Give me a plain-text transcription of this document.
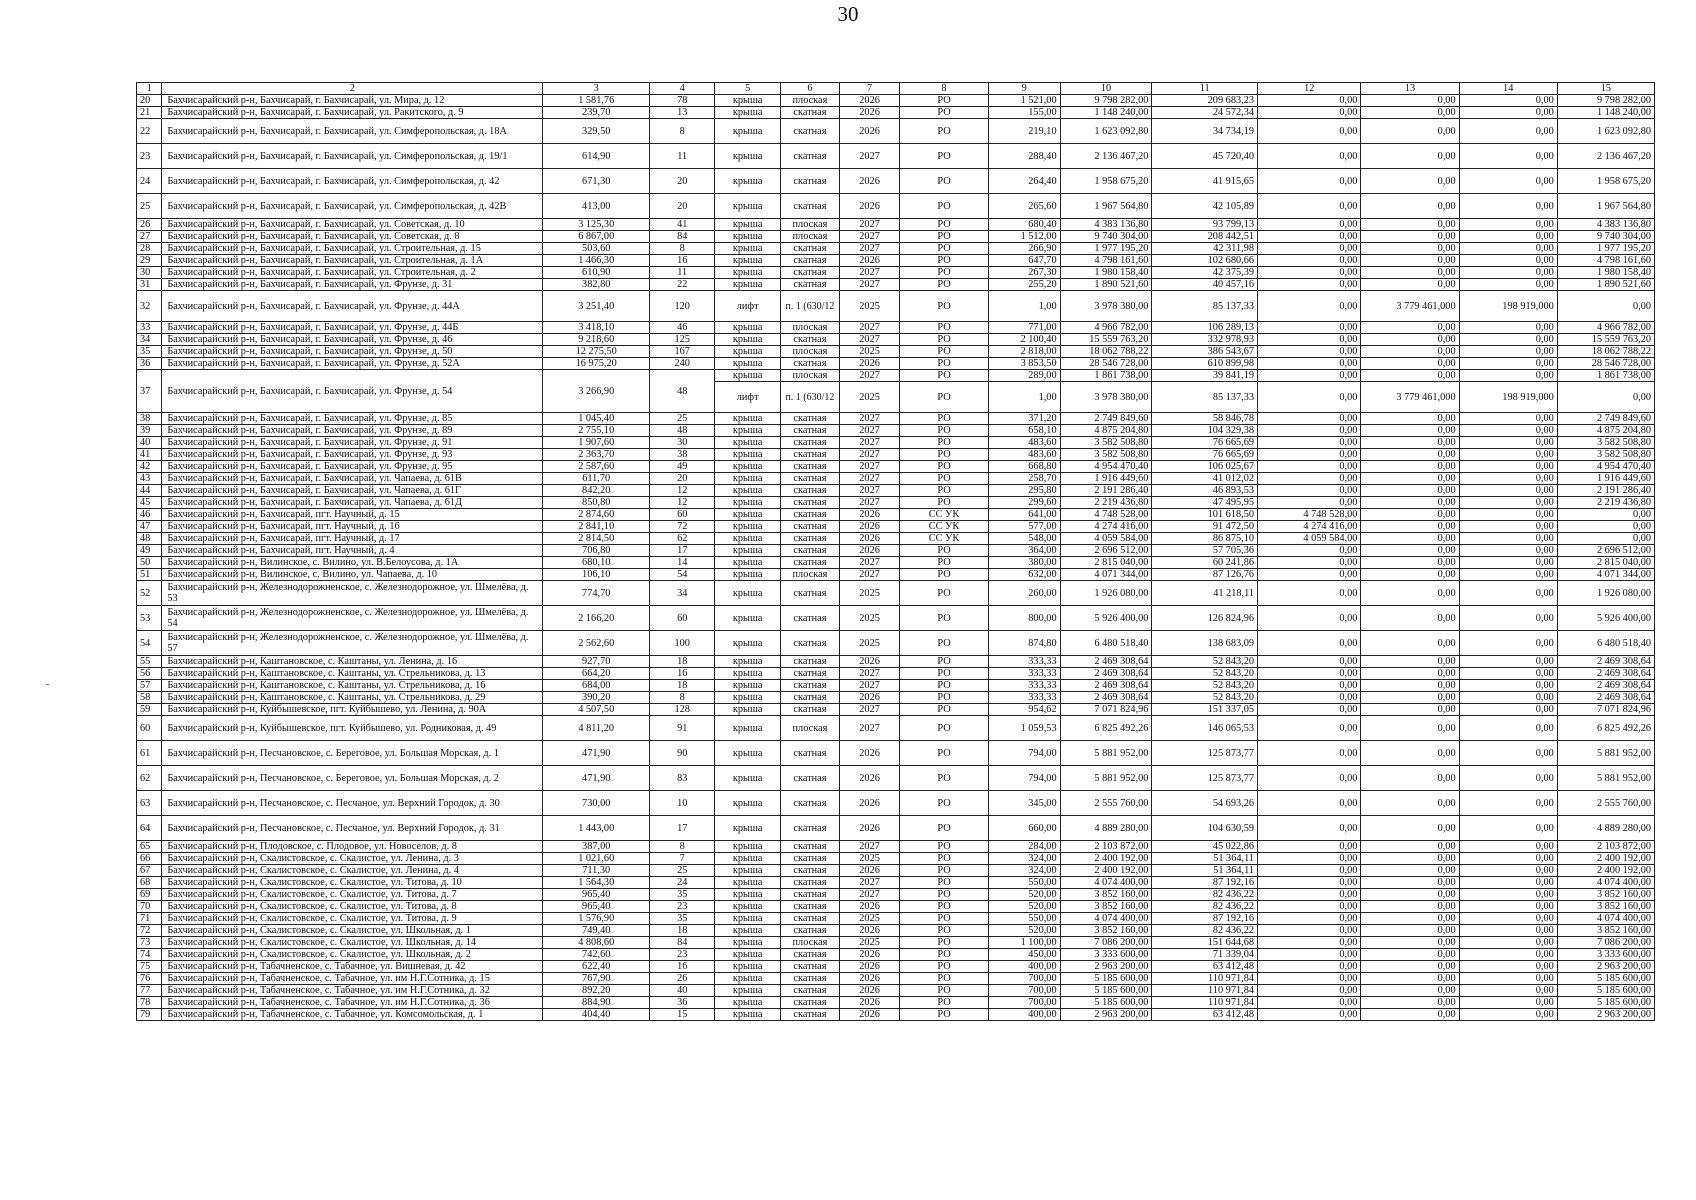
30
1	2	3	4	5	6	7	8	9	10	11	12	13	14	15
20	Бахчисарайский р-н, Бахчисарай, г. Бахчисарай, ул. Мира, д. 12	1 581,76	78	крыша	плоская	2026	РО	1 521,00	9 798 282,00	209 683,23	0,00	0,00	0,00	9 798 282,00
21	Бахчисарайский р-н, Бахчисарай, г. Бахчисарай, ул. Ракитского, д. 9	239,70	13	крыша	скатная	2026	РО	155,00	1 148 240,00	24 572,34	0,00	0,00	0,00	1 148 240,00
22	Бахчисарайский р-н, Бахчисарай, г. Бахчисарай, ул. Симферопольская, д. 18А	329,50	8	крыша	скатная	2026	РО	219,10	1 623 092,80	34 734,19	0,00	0,00	0,00	1 623 092,80
23	Бахчисарайский р-н, Бахчисарай, г. Бахчисарай, ул. Симферопольская, д. 19/1	614,90	11	крыша	скатная	2027	РО	288,40	2 136 467,20	45 720,40	0,00	0,00	0,00	2 136 467,20
24	Бахчисарайский р-н, Бахчисарай, г. Бахчисарай, ул. Симферопольская, д. 42	671,30	20	крыша	скатная	2026	РО	264,40	1 958 675,20	41 915,65	0,00	0,00	0,00	1 958 675,20
25	Бахчисарайский р-н, Бахчисарай, г. Бахчисарай, ул. Симферопольская, д. 42В	413,00	20	крыша	скатная	2026	РО	265,60	1 967 564,80	42 105,89	0,00	0,00	0,00	1 967 564,80
26	Бахчисарайский р-н, Бахчисарай, г. Бахчисарай, ул. Советская, д. 10	3 125,30	41	крыша	плоская	2027	РО	680,40	4 383 136,80	93 799,13	0,00	0,00	0,00	4 383 136,80
27	Бахчисарайский р-н, Бахчисарай, г. Бахчисарай, ул. Советская, д. 8	6 867,00	84	крыша	плоская	2027	РО	1 512,00	9 740 304,00	208 442,51	0,00	0,00	0,00	9 740 304,00
28	Бахчисарайский р-н, Бахчисарай, г. Бахчисарай, ул. Строительная, д. 15	503,60	8	крыша	скатная	2027	РО	266,90	1 977 195,20	42 311,98	0,00	0,00	0,00	1 977 195,20
29	Бахчисарайский р-н, Бахчисарай, г. Бахчисарай, ул. Строительная, д. 1А	1 466,30	16	крыша	скатная	2026	РО	647,70	4 798 161,60	102 680,66	0,00	0,00	0,00	4 798 161,60
30	Бахчисарайский р-н, Бахчисарай, г. Бахчисарай, ул. Строительная, д. 2	610,90	11	крыша	скатная	2027	РО	267,30	1 980 158,40	42 375,39	0,00	0,00	0,00	1 980 158,40
31	Бахчисарайский р-н, Бахчисарай, г. Бахчисарай, ул. Фрунзе, д. 31	382,80	22	крыша	скатная	2027	РО	255,20	1 890 521,60	40 457,16	0,00	0,00	0,00	1 890 521,60
32	Бахчисарайский р-н, Бахчисарай, г. Бахчисарай, ул. Фрунзе, д. 44А	3 251,40	120	лифт	п. 1 (630/12	2025	РО	1,00	3 978 380,00	85 137,33	0,00	3 779 461,000	198 919,000	0,00
33	Бахчисарайский р-н, Бахчисарай, г. Бахчисарай, ул. Фрунзе, д. 44Б	3 418,10	46	крыша	плоская	2027	РО	771,00	4 966 782,00	106 289,13	0,00	0,00	0,00	4 966 782,00
34	Бахчисарайский р-н, Бахчисарай, г. Бахчисарай, ул. Фрунзе, д. 46	9 218,60	125	крыша	скатная	2027	РО	2 100,40	15 559 763,20	332 978,93	0,00	0,00	0,00	15 559 763,20
35	Бахчисарайский р-н, Бахчисарай, г. Бахчисарай, ул. Фрунзе, д. 50	12 275,50	167	крыша	плоская	2025	РО	2 818,00	18 062 788,22	386 543,67	0,00	0,00	0,00	18 062 788,22
36	Бахчисарайский р-н, Бахчисарай, г. Бахчисарай, ул. Фрунзе, д. 52А	16 975,20	240	крыша	скатная	2026	РО	3 853,50	28 546 728,00	610 899,98	0,00	0,00	0,00	28 546 728,00
37	Бахчисарайский р-н, Бахчисарай, г. Бахчисарай, ул. Фрунзе, д. 54	3 266,90	48	крыша	плоская	2027	РО	289,00	1 861 738,00	39 841,19	0,00	0,00	0,00	1 861 738,00
				лифт	п. 1 (630/12	2025	РО	1,00	3 978 380,00	85 137,33	0,00	3 779 461,000	198 919,000	0,00
38	Бахчисарайский р-н, Бахчисарай, г. Бахчисарай, ул. Фрунзе, д. 85	1 045,40	25	крыша	скатная	2027	РО	371,20	2 749 849,60	58 846,78	0,00	0,00	0,00	2 749 849,60
39	Бахчисарайский р-н, Бахчисарай, г. Бахчисарай, ул. Фрунзе, д. 89	2 755,10	48	крыша	скатная	2027	РО	658,10	4 875 204,80	104 329,38	0,00	0,00	0,00	4 875 204,80
40	Бахчисарайский р-н, Бахчисарай, г. Бахчисарай, ул. Фрунзе, д. 91	1 907,60	30	крыша	скатная	2027	РО	483,60	3 582 508,80	76 665,69	0,00	0,00	0,00	3 582 508,80
41	Бахчисарайский р-н, Бахчисарай, г. Бахчисарай, ул. Фрунзе, д. 93	2 363,70	38	крыша	скатная	2027	РО	483,60	3 582 508,80	76 665,69	0,00	0,00	0,00	3 582 508,80
42	Бахчисарайский р-н, Бахчисарай, г. Бахчисарай, ул. Фрунзе, д. 95	2 587,60	49	крыша	скатная	2027	РО	668,80	4 954 470,40	106 025,67	0,00	0,00	0,00	4 954 470,40
43	Бахчисарайский р-н, Бахчисарай, г. Бахчисарай, ул. Чапаева, д. 61В	611,70	20	крыша	скатная	2027	РО	258,70	1 916 449,60	41 012,02	0,00	0,00	0,00	1 916 449,60
44	Бахчисарайский р-н, Бахчисарай, г. Бахчисарай, ул. Чапаева, д. 61Г	842,20	12	крыша	скатная	2027	РО	295,80	2 191 286,40	46 893,53	0,00	0,00	0,00	2 191 286,40
45	Бахчисарайский р-н, Бахчисарай, г. Бахчисарай, ул. Чапаева, д. 61Д	850,80	12	крыша	скатная	2027	РО	299,60	2 219 436,80	47 495,95	0,00	0,00	0,00	2 219 436,80
46	Бахчисарайский р-н, Бахчисарай, пгт. Научный, д. 15	2 874,60	60	крыша	скатная	2026	СС УК	641,00	4 748 528,00	101 618,50	4 748 528,00	0,00	0,00	0,00
47	Бахчисарайский р-н, Бахчисарай, пгт. Научный, д. 16	2 841,10	72	крыша	скатная	2026	СС УК	577,00	4 274 416,00	91 472,50	4 274 416,00	0,00	0,00	0,00
48	Бахчисарайский р-н, Бахчисарай, пгт. Научный, д. 17	2 814,50	62	крыша	скатная	2026	СС УК	548,00	4 059 584,00	86 875,10	4 059 584,00	0,00	0,00	0,00
49	Бахчисарайский р-н, Бахчисарай, пгт. Научный, д. 4	706,80	17	крыша	скатная	2026	РО	364,00	2 696 512,00	57 705,36	0,00	0,00	0,00	2 696 512,00
50	Бахчисарайский р-н, Вилинское, с. Вилино, ул. В.Белоусова, д. 1А	680,10	14	крыша	скатная	2027	РО	380,00	2 815 040,00	60 241,86	0,00	0,00	0,00	2 815 040,00
51	Бахчисарайский р-н, Вилинское, с. Вилино, ул. Чапаева, д. 10	106,10	54	крыша	плоская	2027	РО	632,00	4 071 344,00	87 126,76	0,00	0,00	0,00	4 071 344,00
52	Бахчисарайский р-н, Железнодорожненское, с. Железнодорожное, ул. Шмелёва, д. 53	774,70	34	крыша	скатная	2025	РО	260,00	1 926 080,00	41 218,11	0,00	0,00	0,00	1 926 080,00
53	Бахчисарайский р-н, Железнодорожненское, с. Железнодорожное, ул. Шмелёва, д. 54	2 166,20	60	крыша	скатная	2025	РО	800,00	5 926 400,00	126 824,96	0,00	0,00	0,00	5 926 400,00
54	Бахчисарайский р-н, Железнодорожненское, с. Железнодорожное, ул. Шмелёва, д. 57	2 562,60	100	крыша	скатная	2025	РО	874,80	6 480 518,40	138 683,09	0,00	0,00	0,00	6 480 518,40
55	Бахчисарайский р-н, Каштановское, с. Каштаны, ул. Ленина, д. 16	927,70	18	крыша	скатная	2026	РО	333,33	2 469 308,64	52 843,20	0,00	0,00	0,00	2 469 308,64
56	Бахчисарайский р-н, Каштановское, с. Каштаны, ул. Стрельникова, д. 13	664,20	16	крыша	скатная	2027	РО	333,33	2 469 308,64	52 843,20	0,00	0,00	0,00	2 469 308,64
57	Бахчисарайский р-н, Каштановское, с. Каштаны, ул. Стрельникова, д. 16	684,00	18	крыша	скатная	2027	РО	333,33	2 469 308,64	52 843,20	0,00	0,00	0,00	2 469 308,64
58	Бахчисарайский р-н, Каштановское, с. Каштаны, ул. Стрельникова, д. 29	390,20	8	крыша	скатная	2026	РО	333,33	2 469 308,64	52 843,20	0,00	0,00	0,00	2 469 308,64
59	Бахчисарайский р-н, Куйбышевское, пгт. Куйбышево, ул. Ленина, д. 90А	4 507,50	128	крыша	скатная	2027	РО	954,62	7 071 824,96	151 337,05	0,00	0,00	0,00	7 071 824,96
60	Бахчисарайский р-н, Куйбышевское, пгт. Куйбышево, ул. Родниковая, д. 49	4 811,20	91	крыша	плоская	2027	РО	1 059,53	6 825 492,26	146 065,53	0,00	0,00	0,00	6 825 492,26
61	Бахчисарайский р-н, Песчановское, с. Береговое, ул. Большая Морская, д. 1	471,90	90	крыша	скатная	2026	РО	794,00	5 881 952,00	125 873,77	0,00	0,00	0,00	5 881 952,00
62	Бахчисарайский р-н, Песчановское, с. Береговое, ул. Большая Морская, д. 2	471,90	83	крыша	скатная	2026	РО	794,00	5 881 952,00	125 873,77	0,00	0,00	0,00	5 881 952,00
63	Бахчисарайский р-н, Песчановское, с. Песчаное, ул. Верхний Городок, д. 30	730,00	10	крыша	скатная	2026	РО	345,00	2 555 760,00	54 693,26	0,00	0,00	0,00	2 555 760,00
64	Бахчисарайский р-н, Песчановское, с. Песчаное, ул. Верхний Городок, д. 31	1 443,00	17	крыша	скатная	2026	РО	660,00	4 889 280,00	104 630,59	0,00	0,00	0,00	4 889 280,00
65	Бахчисарайский р-н, Плодовское, с. Плодовое, ул. Новоселов, д. 8	387,00	8	крыша	скатная	2027	РО	284,00	2 103 872,00	45 022,86	0,00	0,00	0,00	2 103 872,00
66	Бахчисарайский р-н, Скалистовское, с. Скалистое, ул. Ленина, д. 3	1 021,60	7	крыша	скатная	2025	РО	324,00	2 400 192,00	51 364,11	0,00	0,00	0,00	2 400 192,00
67	Бахчисарайский р-н, Скалистовское, с. Скалистое, ул. Ленина, д. 4	711,30	25	крыша	скатная	2026	РО	324,00	2 400 192,00	51 364,11	0,00	0,00	0,00	2 400 192,00
68	Бахчисарайский р-н, Скалистовское, с. Скалистое, ул. Титова, д. 10	1 564,30	24	крыша	скатная	2027	РО	550,00	4 074 400,00	87 192,16	0,00	0,00	0,00	4 074 400,00
69	Бахчисарайский р-н, Скалистовское, с. Скалистое, ул. Титова, д. 7	965,40	35	крыша	скатная	2027	РО	520,00	3 852 160,00	82 436,22	0,00	0,00	0,00	3 852 160,00
70	Бахчисарайский р-н, Скалистовское, с. Скалистое, ул. Титова, д. 8	965,40	23	крыша	скатная	2026	РО	520,00	3 852 160,00	82 436,22	0,00	0,00	0,00	3 852 160,00
71	Бахчисарайский р-н, Скалистовское, с. Скалистое, ул. Титова, д. 9	1 576,90	35	крыша	скатная	2025	РО	550,00	4 074 400,00	87 192,16	0,00	0,00	0,00	4 074 400,00
72	Бахчисарайский р-н, Скалистовское, с. Скалистое, ул. Школьная, д. 1	749,40	18	крыша	скатная	2026	РО	520,00	3 852 160,00	82 436,22	0,00	0,00	0,00	3 852 160,00
73	Бахчисарайский р-н, Скалистовское, с. Скалистое, ул. Школьная, д. 14	4 808,60	84	крыша	плоская	2025	РО	1 100,00	7 086 200,00	151 644,68	0,00	0,00	0,00	7 086 200,00
74	Бахчисарайский р-н, Скалистовское, с. Скалистое, ул. Школьная, д. 2	742,60	23	крыша	скатная	2026	РО	450,00	3 333 600,00	71 339,04	0,00	0,00	0,00	3 333 600,00
75	Бахчисарайский р-н, Табачненское, с. Табачное, ул. Вишневая, д. 42	622,40	16	крыша	скатная	2026	РО	400,00	2 963 200,00	63 412,48	0,00	0,00	0,00	2 963 200,00
76	Бахчисарайский р-н, Табачненское, с. Табачное, ул. им Н.Г.Сотника, д. 15	767,90	26	крыша	скатная	2026	РО	700,00	5 185 600,00	110 971,84	0,00	0,00	0,00	5 185 600,00
77	Бахчисарайский р-н, Табачненское, с. Табачное, ул. им Н.Г.Сотника, д. 32	892,20	40	крыша	скатная	2026	РО	700,00	5 185 600,00	110 971,84	0,00	0,00	0,00	5 185 600,00
78	Бахчисарайский р-н, Табачненское, с. Табачное, ул. им Н.Г.Сотника, д. 36	884,90	36	крыша	скатная	2026	РО	700,00	5 185 600,00	110 971,84	0,00	0,00	0,00	5 185 600,00
79	Бахчисарайский р-н, Табачненское, с. Табачное, ул. Комсомольская, д. 1	404,40	15	крыша	скатная	2026	РО	400,00	2 963 200,00	63 412,48	0,00	0,00	0,00	2 963 200,00
